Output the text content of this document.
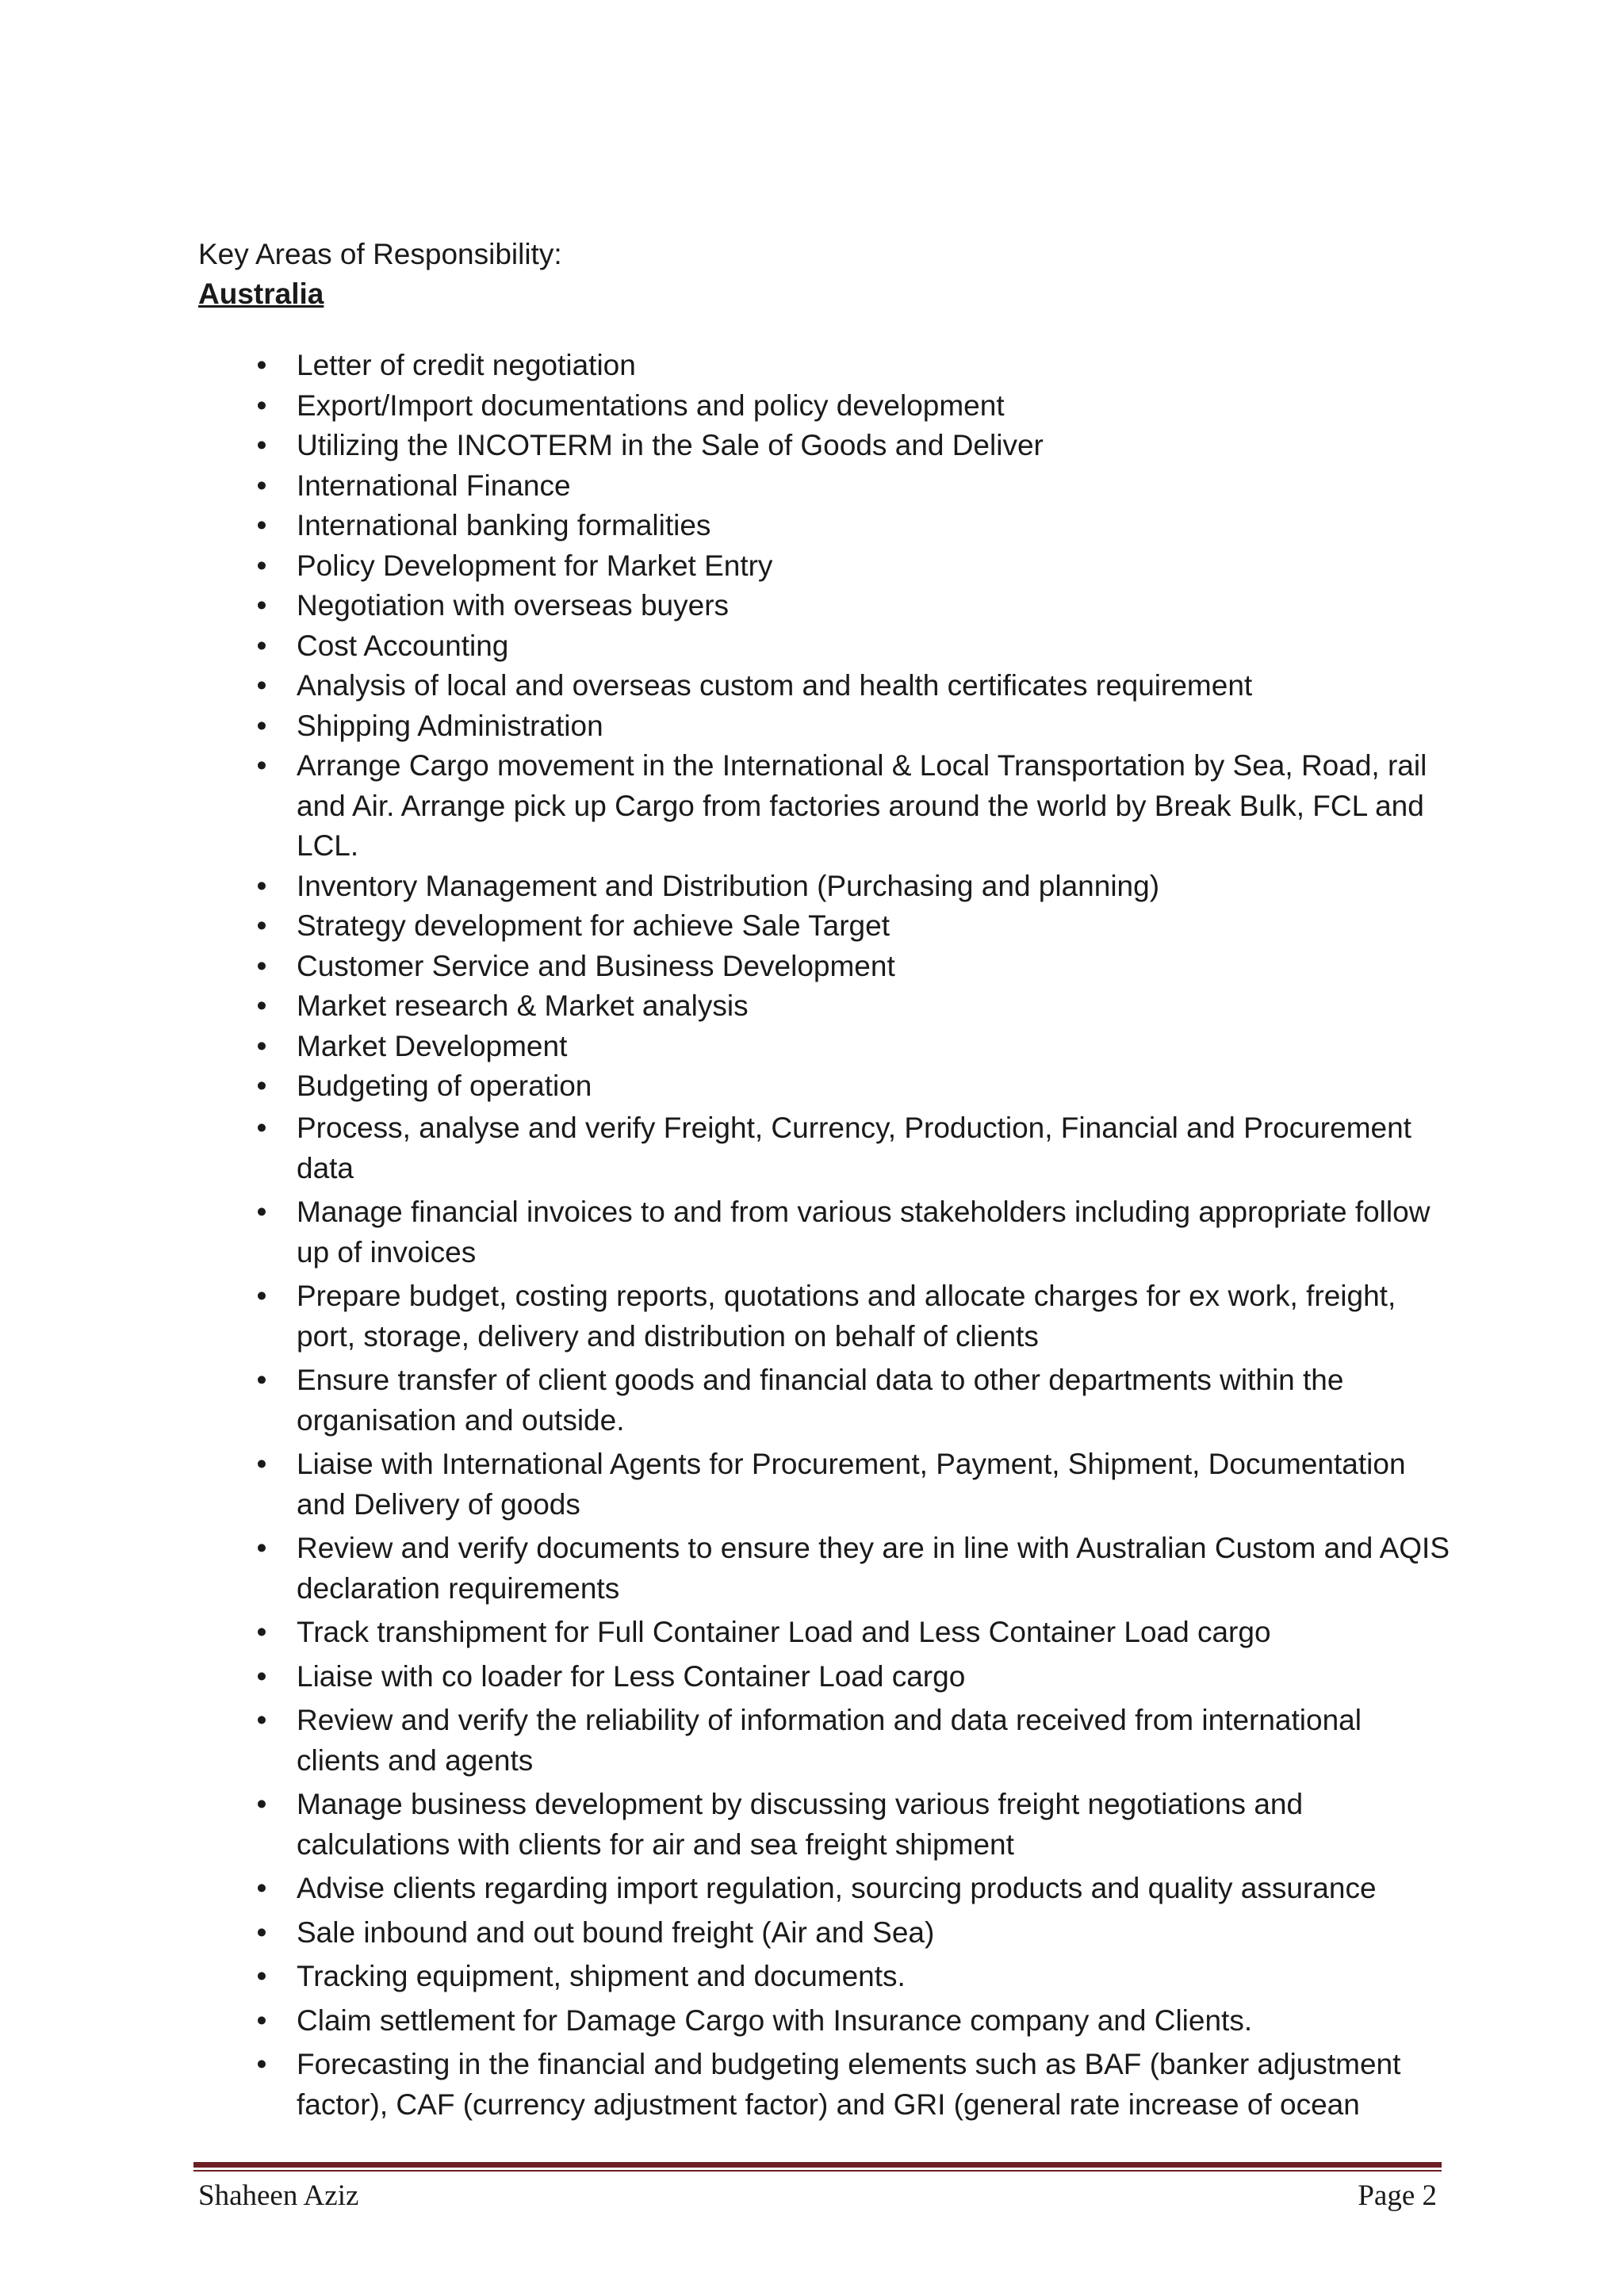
Key Areas of Responsibility:

Australia

• Letter of credit negotiation
• Export/Import documentations and policy development
• Utilizing the INCOTERM in the Sale of Goods and Deliver
• International Finance
• International banking formalities
• Policy Development for Market Entry
• Negotiation with overseas buyers
• Cost Accounting
• Analysis of local and overseas custom and health certificates requirement
• Shipping Administration
• Arrange Cargo movement in the International & Local Transportation by Sea, Road, rail and Air. Arrange pick up Cargo from factories around the world by Break Bulk, FCL and LCL.
• Inventory Management and Distribution (Purchasing and planning)
• Strategy development for achieve Sale Target
• Customer Service and Business Development
• Market research & Market analysis
• Market Development
• Budgeting of operation
• Process, analyse and verify Freight, Currency, Production, Financial and Procurement data
• Manage financial invoices to and from various stakeholders including appropriate follow up of invoices
• Prepare budget, costing reports, quotations and allocate charges for ex work, freight, port, storage, delivery and distribution on behalf of clients
• Ensure transfer of client goods and financial data to other departments within the organisation and outside.
• Liaise with International Agents for Procurement, Payment, Shipment, Documentation and Delivery of goods
• Review and verify documents to ensure they are in line with Australian Custom and AQIS declaration requirements
• Track transhipment for Full Container Load and Less Container Load cargo
• Liaise with co loader for Less Container Load cargo
• Review and verify the reliability of information and data received from international clients and agents
• Manage business development by discussing various freight negotiations and calculations with clients for air and sea freight shipment
• Advise clients regarding import regulation, sourcing products and quality assurance
• Sale inbound and out bound freight (Air and Sea)
• Tracking equipment, shipment and documents.
• Claim settlement for Damage Cargo with Insurance company and Clients.
• Forecasting in the financial and budgeting elements such as BAF (banker adjustment factor), CAF (currency adjustment factor) and GRI (general rate increase of ocean
Shaheen Aziz	Page 2
